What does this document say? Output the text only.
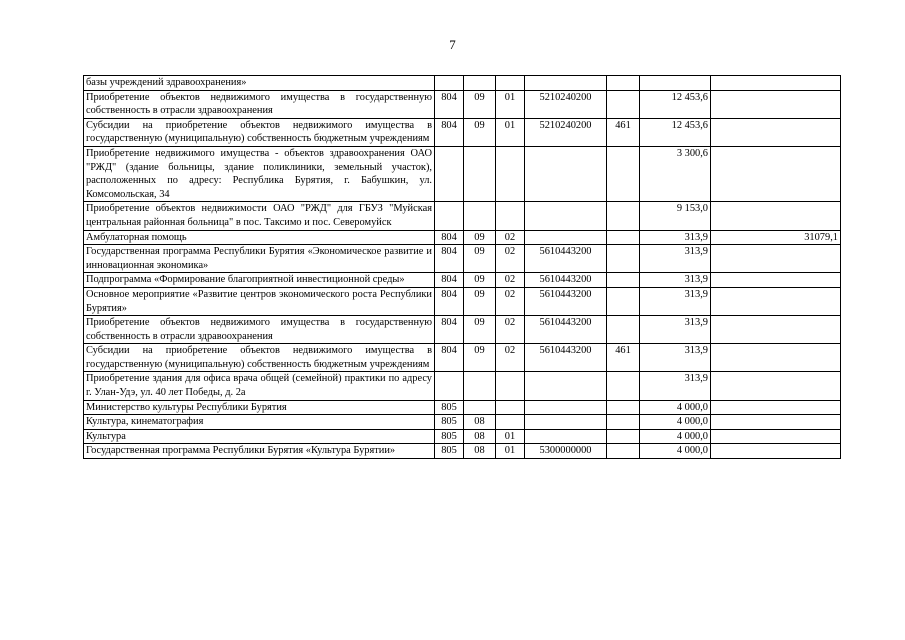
7
базы учреждений здравоохранения»							
Приобретение объектов недвижимого имущества в государственную собственность в отрасли здравоохранения	804	09	01	5210240200		12 453,6	
Субсидии на приобретение объектов недвижимого имущества в государственную (муниципальную) собственность бюджетным учреждениям	804	09	01	5210240200	461	12 453,6	
Приобретение недвижимого имущества - объектов здравоохранения ОАО "РЖД" (здание больницы, здание поликлиники, земельный участок), расположенных по адресу: Республика Бурятия, г. Бабушкин, ул. Комсомольская, 34						3 300,6	
Приобретение объектов недвижимости ОАО "РЖД" для ГБУЗ "Муйская центральная районная больница" в пос. Таксимо и пос. Северомуйск						9 153,0	
Амбулаторная помощь	804	09	02			313,9	31079,1
Государственная программа Республики Бурятия «Экономическое развитие и инновационная экономика»	804	09	02	5610443200		313,9	
Подпрограмма «Формирование благоприятной инвестиционной среды»	804	09	02	5610443200		313,9	
Основное мероприятие «Развитие центров экономического роста Республики Бурятия»	804	09	02	5610443200		313,9	
Приобретение объектов недвижимого имущества в государственную собственность в отрасли здравоохранения	804	09	02	5610443200		313,9	
Субсидии на приобретение объектов недвижимого имущества в государственную (муниципальную) собственность бюджетным учреждениям	804	09	02	5610443200	461	313,9	
Приобретение здания для офиса врача общей (семейной) практики по адресу г. Улан-Удэ, ул. 40 лет Победы, д. 2а						313,9	
Министерство культуры Республики Бурятия	805					4 000,0	
Культура, кинематография	805	08				4 000,0	
Культура	805	08	01			4 000,0	
Государственная программа Республики Бурятия «Культура Бурятии»	805	08	01	5300000000		4 000,0	
